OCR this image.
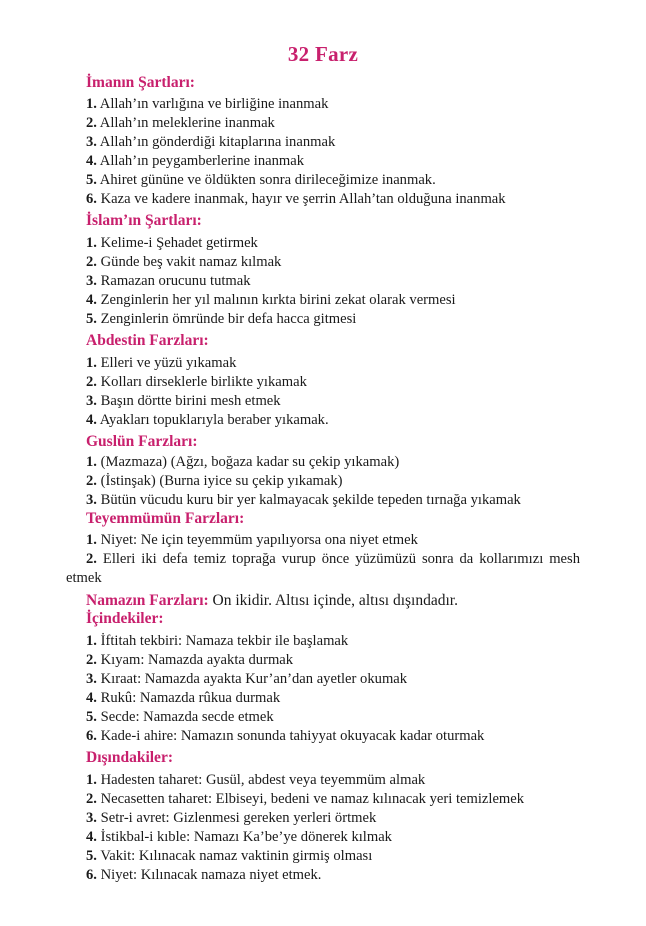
32 Farz
İmanın Şartları:
1. Allah’ın varlığına ve birliğine inanmak
2. Allah’ın meleklerine inanmak
3. Allah’ın gönderdiği kitaplarına inanmak
4. Allah’ın peygamberlerine inanmak
5. Ahiret gününe ve öldükten sonra dirileceğimize inanmak.
6. Kaza ve kadere inanmak, hayır ve şerrin Allah’tan olduğuna inanmak
İslam’ın Şartları:
1. Kelime-i Şehadet getirmek
2. Günde beş vakit namaz kılmak
3. Ramazan orucunu tutmak
4. Zenginlerin her yıl malının kırkta birini zekat olarak vermesi
5. Zenginlerin ömründe bir defa hacca gitmesi
Abdestin Farzları:
1. Elleri ve yüzü yıkamak
2. Kolları dirseklerle birlikte yıkamak
3. Başın dörtte birini mesh etmek
4. Ayakları topuklarıyla beraber yıkamak.
Guslün Farzları:
1. (Mazmaza) (Ağzı, boğaza kadar su çekip yıkamak)
2. (İstinşak) (Burna iyice su çekip yıkamak)
3. Bütün vücudu kuru bir yer kalmayacak şekilde tepeden tırnağa yıkamak
Teyemmümün Farzları:
1. Niyet: Ne için teyemmüm yapılıyorsa ona niyet etmek
2. Elleri iki defa temiz toprağa vurup önce yüzümüzü sonra da kollarımızı mesh etmek
Namazın Farzları: On ikidir. Altısı içinde, altısı dışındadır.
İçindekiler:
1. İftitah tekbiri: Namaza tekbir ile başlamak
2. Kıyam: Namazda ayakta durmak
3. Kıraat: Namazda ayakta Kur’an’dan ayetler okumak
4. Rukû: Namazda rûkua durmak
5. Secde: Namazda secde etmek
6. Kade-i ahire: Namazın sonunda tahiyyat okuyacak kadar oturmak
Dışındakiler:
1. Hadesten taharet: Gusül, abdest veya teyemmüm almak
2. Necasetten taharet: Elbiseyi, bedeni ve namaz kılınacak yeri temizlemek
3. Setr-i avret: Gizlenmesi gereken yerleri örtmek
4. İstikbal-i kıble: Namazı Ka’be’ye dönerek kılmak
5. Vakit: Kılınacak namaz vaktinin girmiş olması
6. Niyet: Kılınacak namaza niyet etmek.
